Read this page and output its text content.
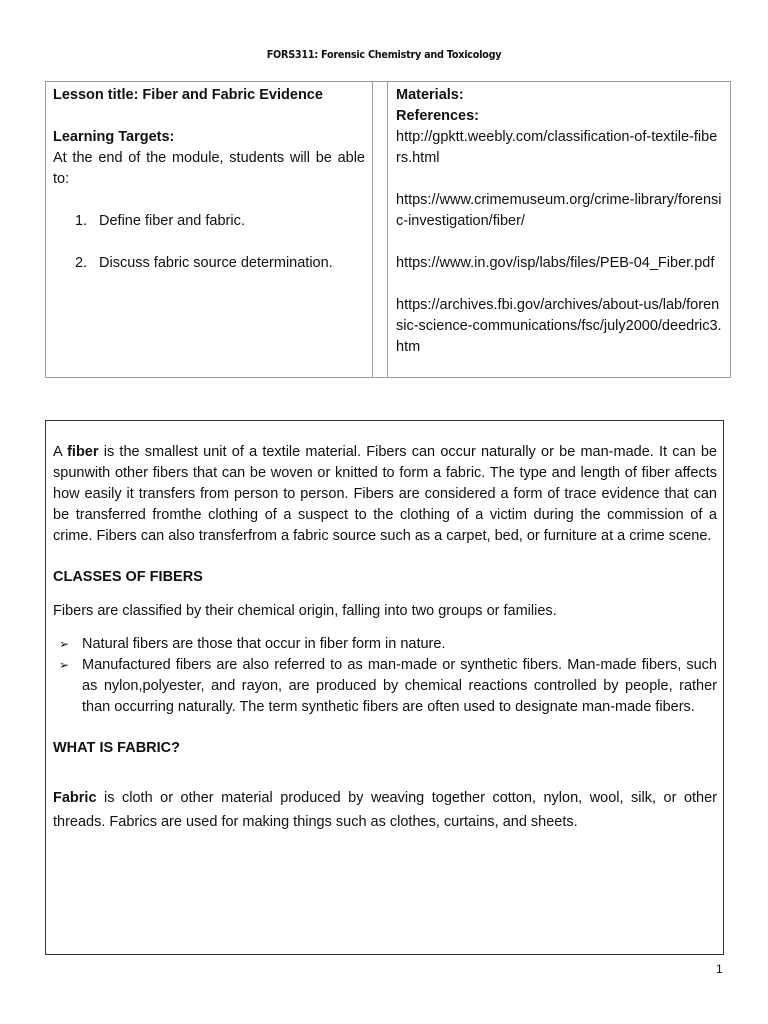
FORS311: Forensic Chemistry and Toxicology
Lesson title: Fiber and Fabric Evidence
Learning Targets:
At the end of the module, students will be able to:
1. Define fiber and fabric.
2. Discuss fabric source determination.
Materials:
References:
http://gpktt.weebly.com/classification-of-textile-fibers.html
https://www.crimemuseum.org/crime-library/forensic-investigation/fiber/
https://www.in.gov/isp/labs/files/PEB-04_Fiber.pdf
https://archives.fbi.gov/archives/about-us/lab/forensic-science-communications/fsc/july2000/deedric3.htm

A fiber is the smallest unit of a textile material. Fibers can occur naturally or be man-made. It can be spunwith other fibers that can be woven or knitted to form a fabric. The type and length of fiber affects how easily it transfers from person to person. Fibers are considered a form of trace evidence that can be transferred fromthe clothing of a suspect to the clothing of a victim during the commission of a crime. Fibers can also transferfrom a fabric source such as a carpet, bed, or furniture at a crime scene.

CLASSES OF FIBERS

Fibers are classified by their chemical origin, falling into two groups or families.

➢ Natural fibers are those that occur in fiber form in nature.
➢ Manufactured fibers are also referred to as man-made or synthetic fibers. Man-made fibers, such as nylon,polyester, and rayon, are produced by chemical reactions controlled by people, rather than occurring naturally. The term synthetic fibers are often used to designate man-made fibers.

WHAT IS FABRIC?

Fabric is cloth or other material produced by weaving together cotton, nylon, wool, silk, or other threads. Fabrics are used for making things such as clothes, curtains, and sheets.

1
